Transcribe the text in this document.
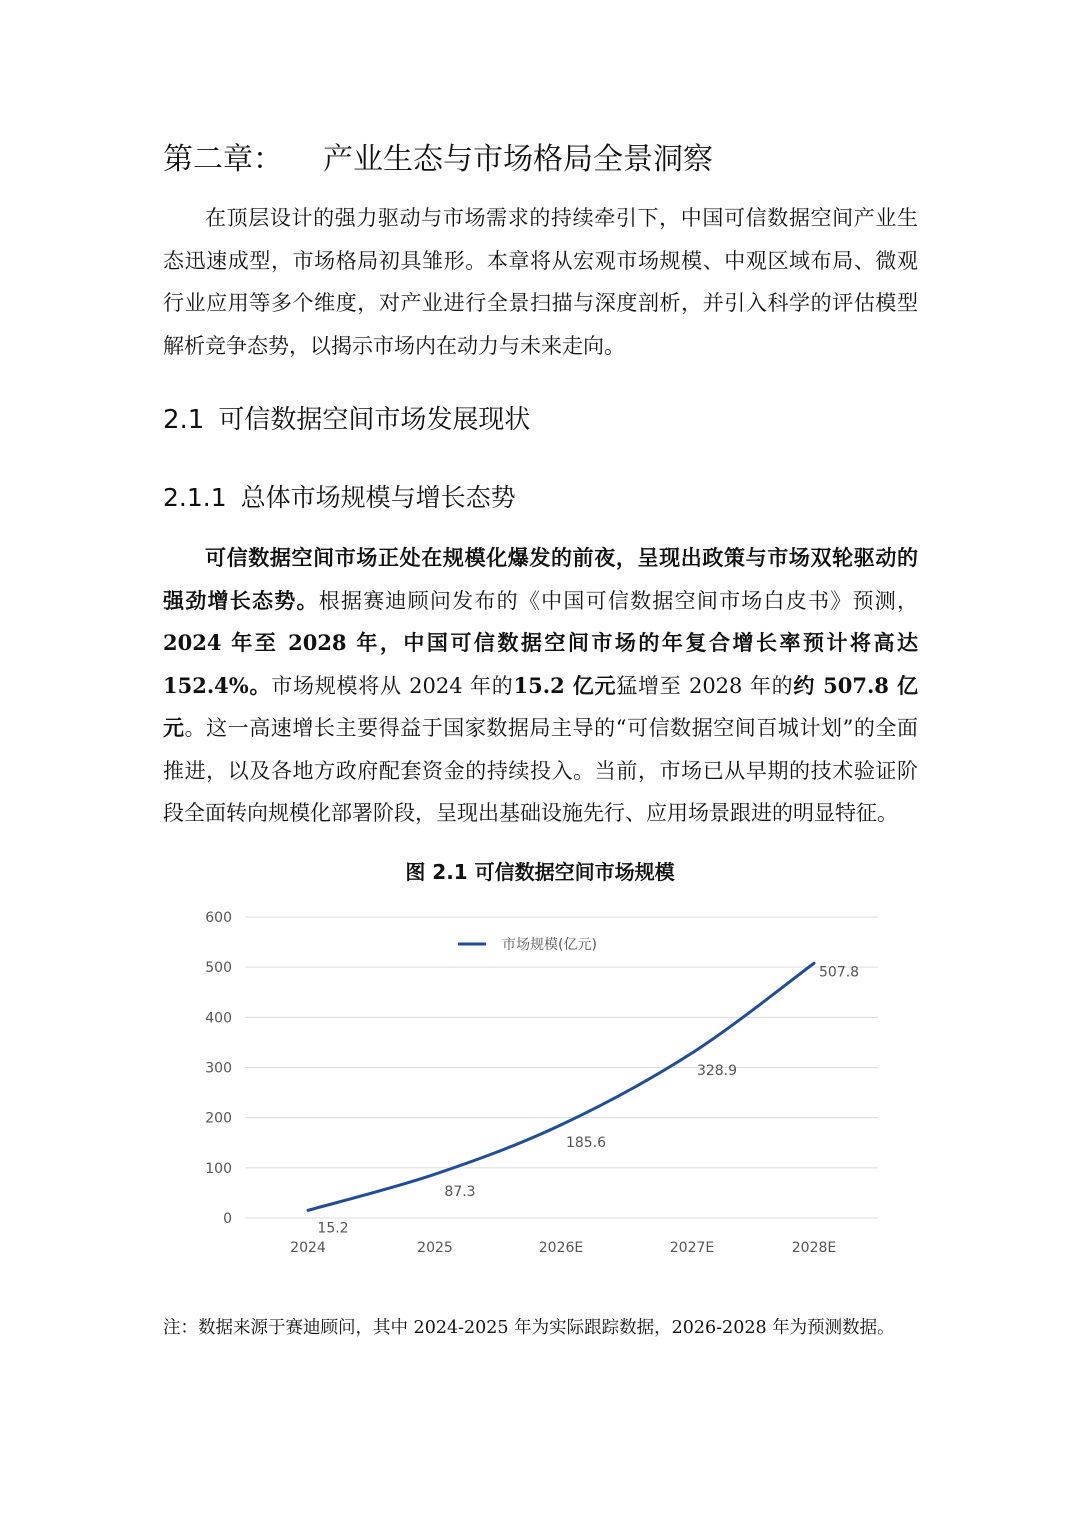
第二章： 产业生态与市场格局全景洞察

在顶层设计的强力驱动与市场需求的持续牵引下，中国可信数据空间产业生态迅速成型，市场格局初具雏形。本章将从宏观市场规模、中观区域布局、微观行业应用等多个维度，对产业进行全景扫描与深度剖析，并引入科学的评估模型解析竞争态势，以揭示市场内在动力与未来走向。

2.1 可信数据空间市场发展现状
2.1.1 总体市场规模与增长态势

可信数据空间市场正处在规模化爆发的前夜，呈现出政策与市场双轮驱动的强劲增长态势。根据赛迪顾问发布的《中国可信数据空间市场白皮书》预测，2024 年至 2028 年，中国可信数据空间市场的年复合增长率预计将高达 152.4%。市场规模将从 2024 年的15.2 亿元猛增至 2028 年的约 507.8 亿元。这一高速增长主要得益于国家数据局主导的“可信数据空间百城计划”的全面推进，以及各地方政府配套资金的持续投入。当前，市场已从早期的技术验证阶段全面转向规模化部署阶段，呈现出基础设施先行、应用场景跟进的明显特征。

图 2.1 可信数据空间市场规模
0
100
200
300
400
500
600
2024	2025	2026E	2027E	2028E
市场规模(亿元)
15.2
87.3
185.6
328.9
507.8
注：数据来源于赛迪顾问，其中 2024-2025 年为实际跟踪数据，2026-2028 年为预测数据。
